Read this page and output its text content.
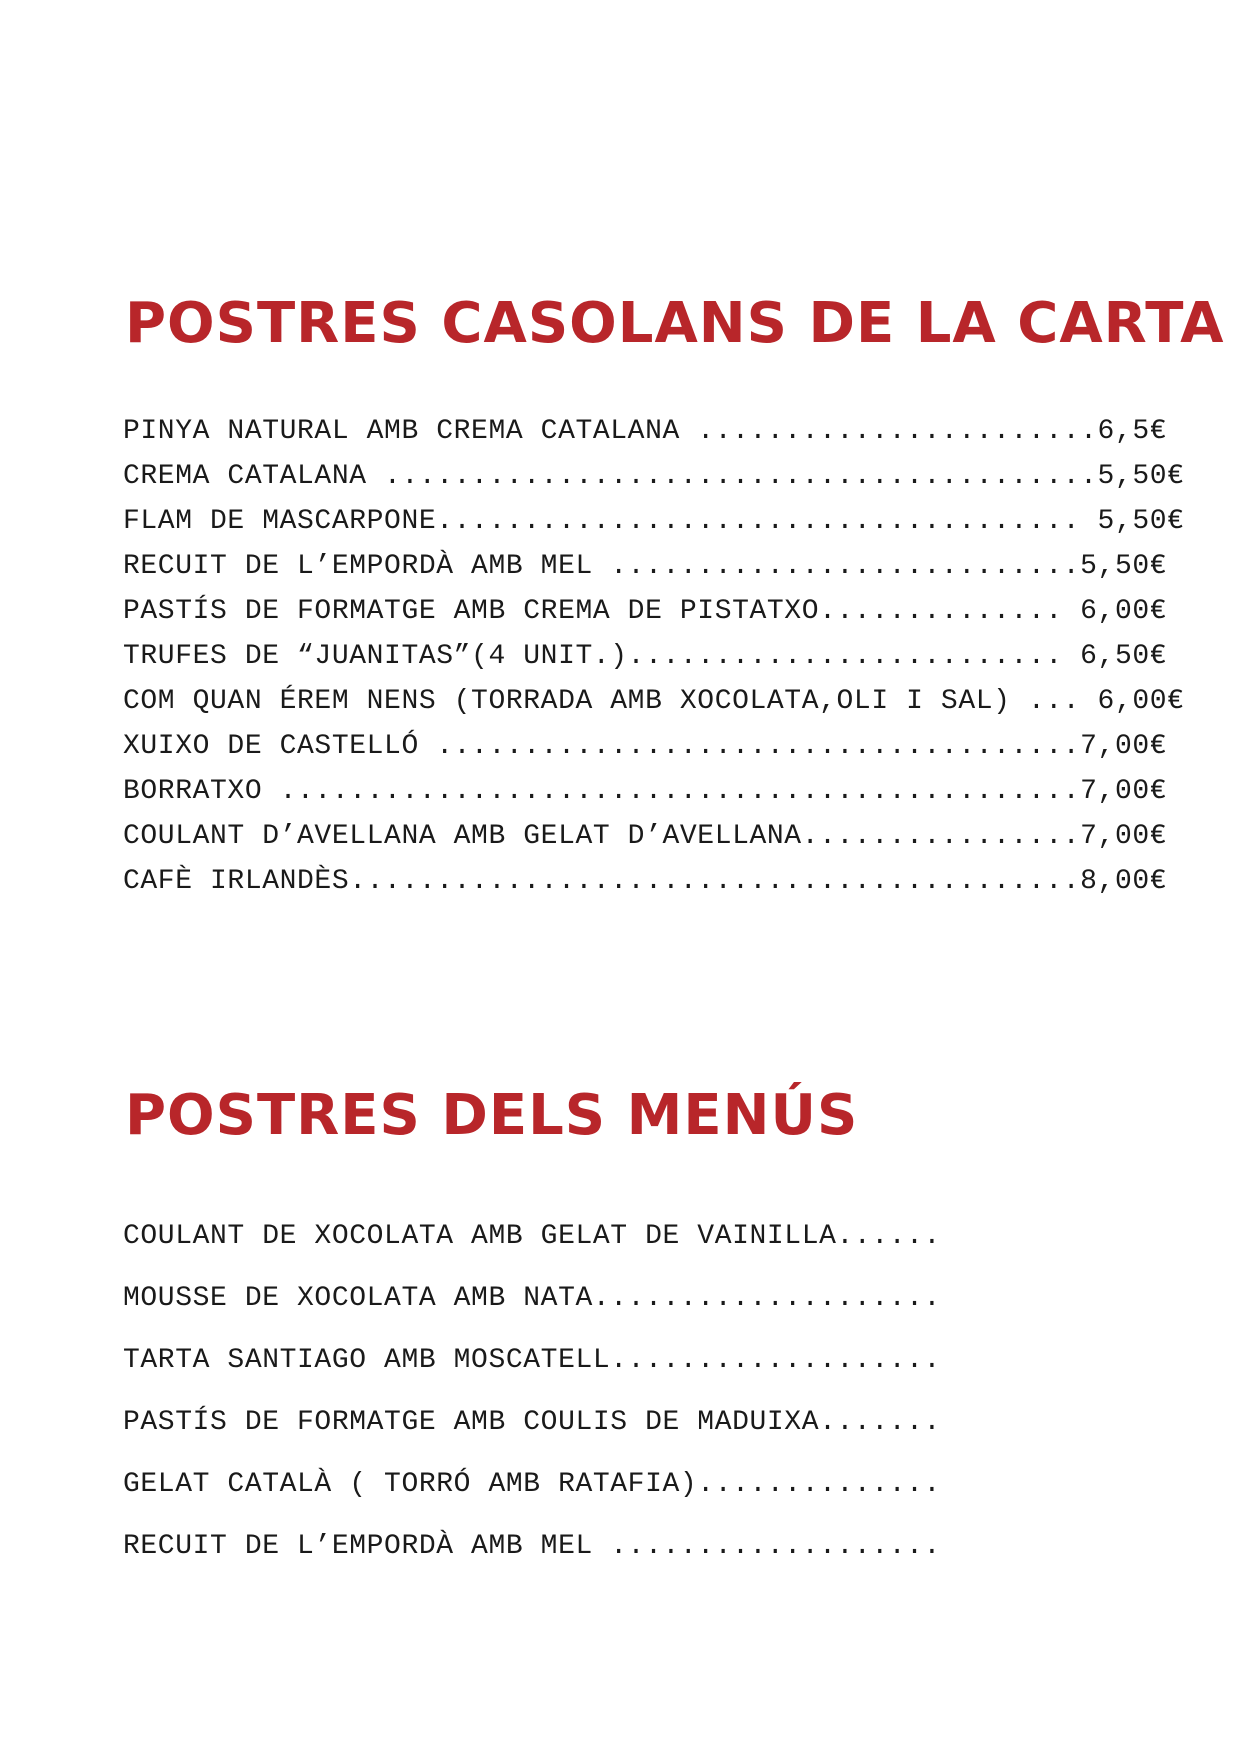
POSTRES CASOLANS DE LA CARTA
PINYA NATURAL AMB CREMA CATALANA .......................6,5€
CREMA CATALANA .........................................5,50€
FLAM DE MASCARPONE..................................... 5,50€
RECUIT DE L’EMPORDÀ AMB MEL ...........................5,50€
PASTÍS DE FORMATGE AMB CREMA DE PISTATXO.............. 6,00€
TRUFES DE “JUANITAS”(4 UNIT.)......................... 6,50€
COM QUAN ÉREM NENS (TORRADA AMB XOCOLATA,OLI I SAL) ... 6,00€
XUIXO DE CASTELLÓ .....................................7,00€
BORRATXO ..............................................7,00€
COULANT D’AVELLANA AMB GELAT D’AVELLANA................7,00€
CAFÈ IRLANDÈS..........................................8,00€
POSTRES DELS MENÚS
COULANT DE XOCOLATA AMB GELAT DE VAINILLA......
MOUSSE DE XOCOLATA AMB NATA....................
TARTA SANTIAGO AMB MOSCATELL...................
PASTÍS DE FORMATGE AMB COULIS DE MADUIXA.......
GELAT CATALÀ ( TORRÓ AMB RATAFIA)..............
RECUIT DE L’EMPORDÀ AMB MEL ...................
